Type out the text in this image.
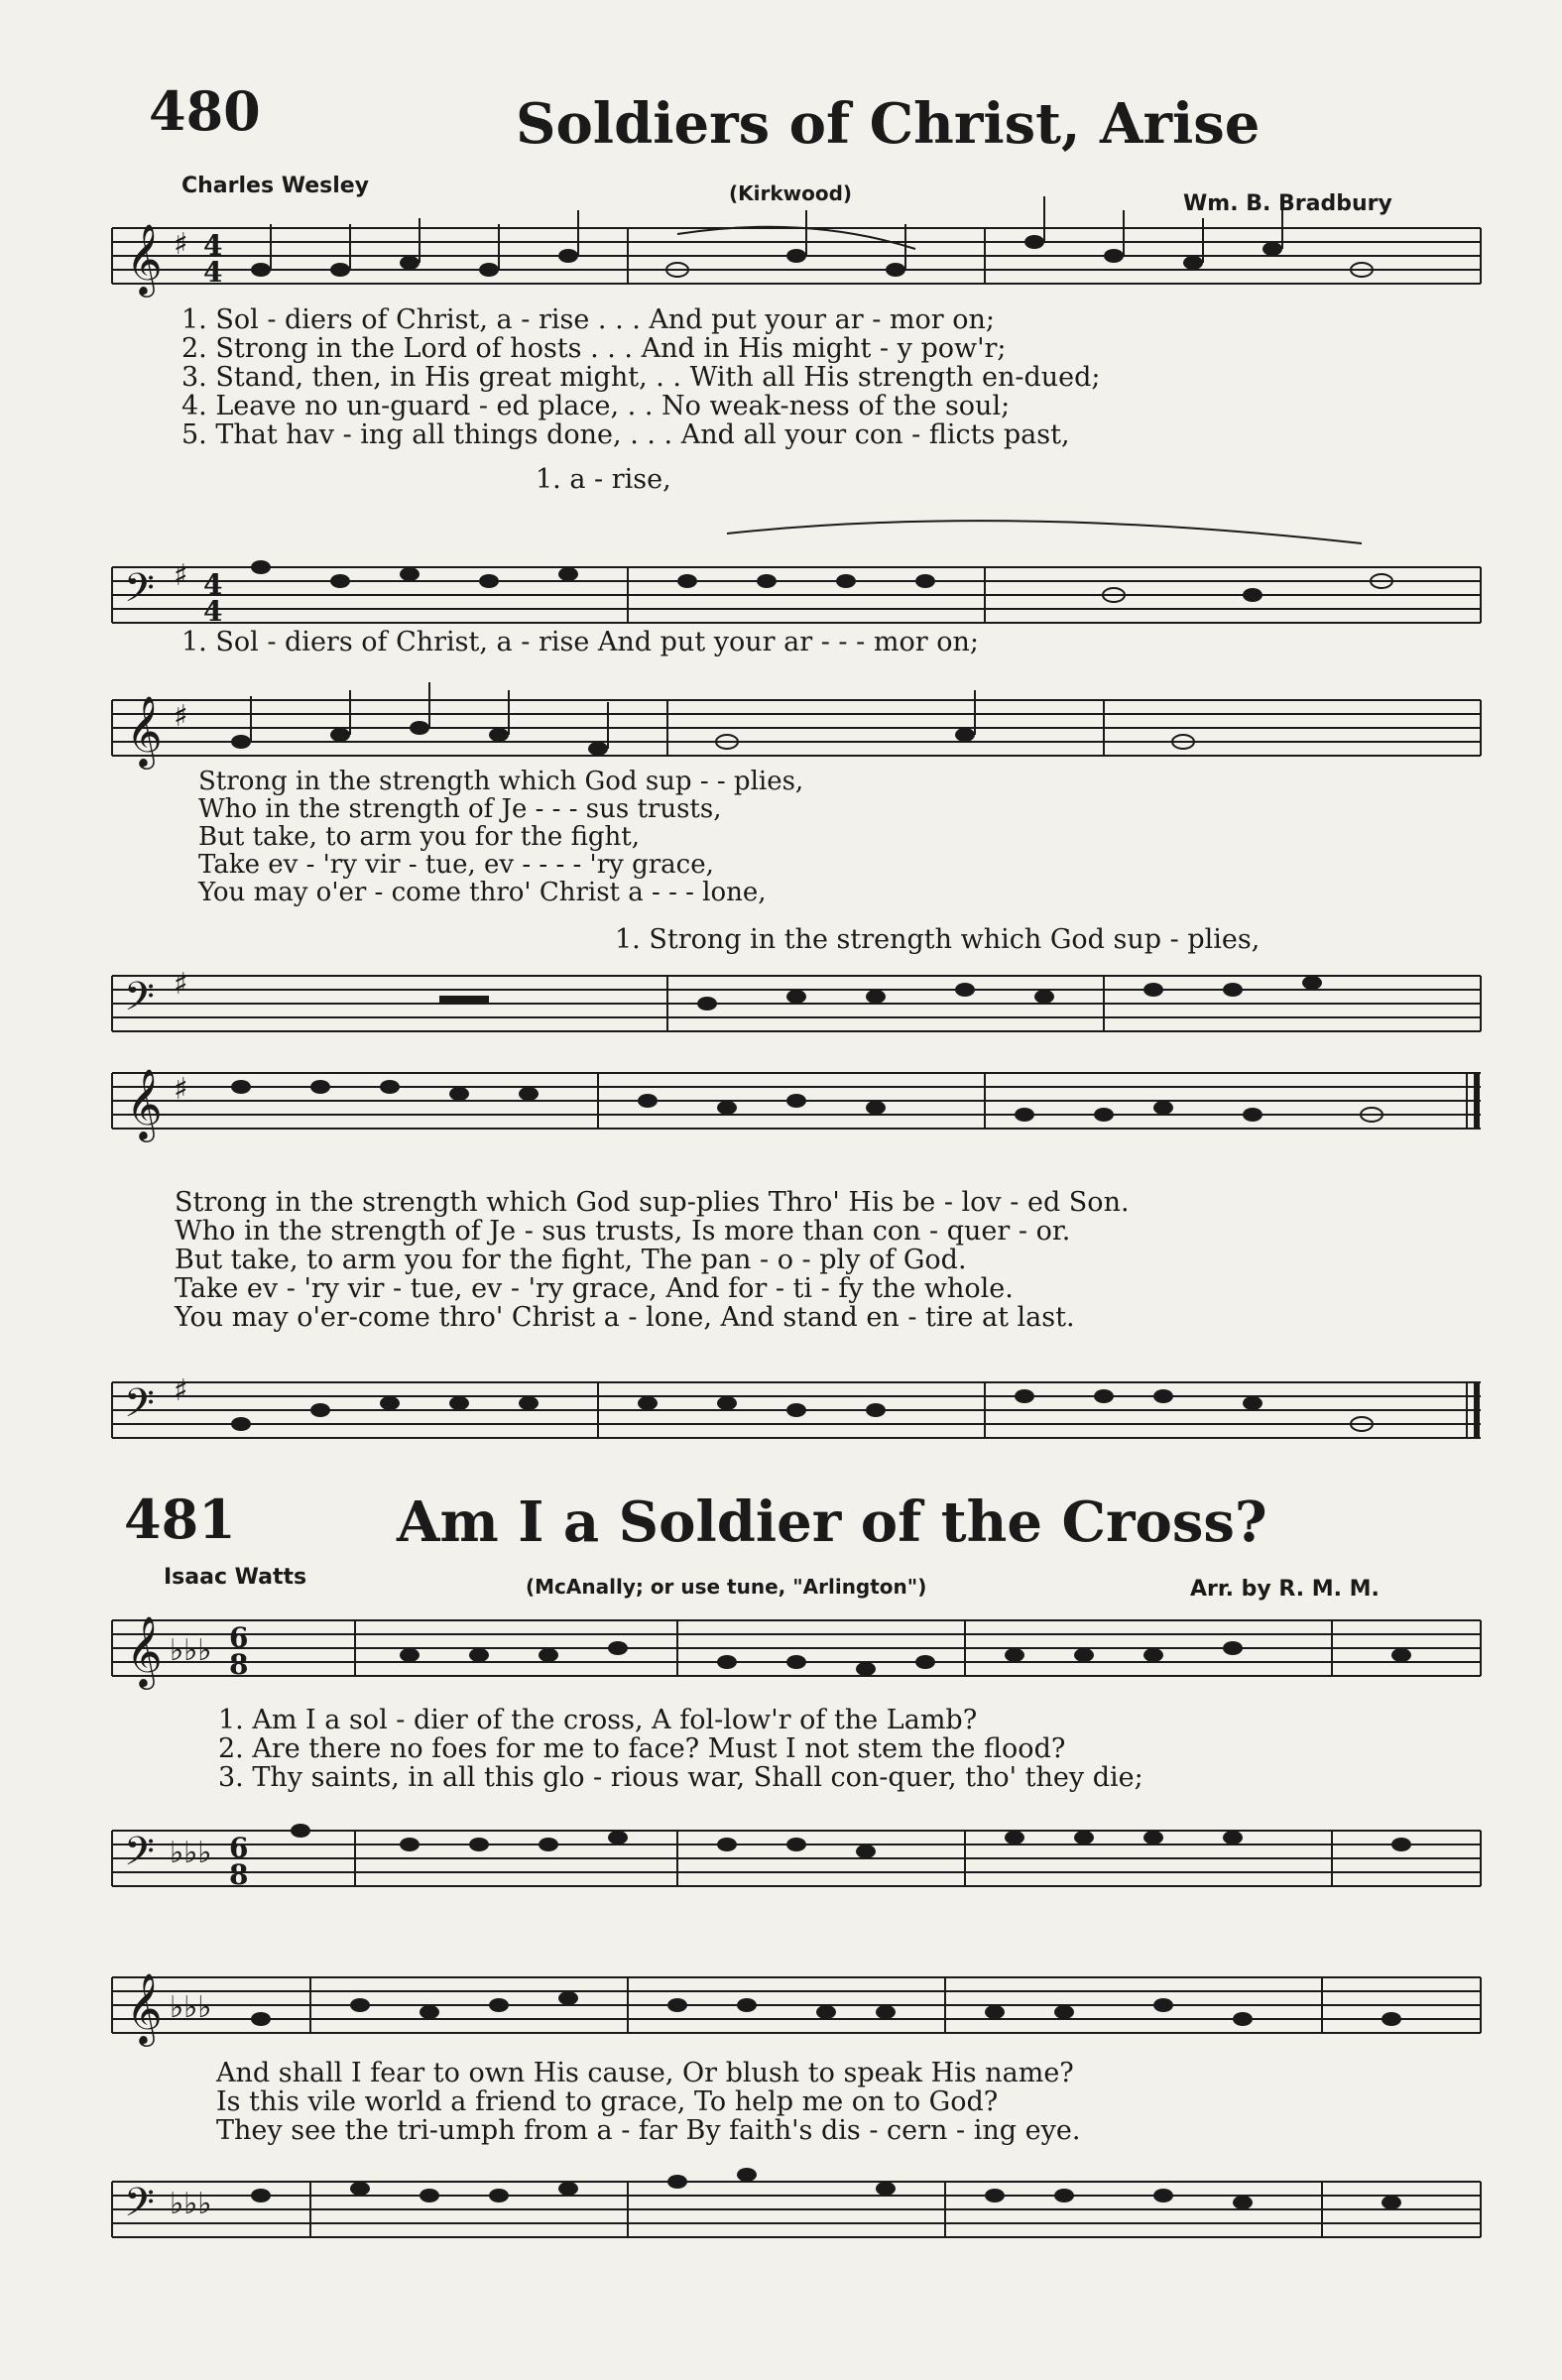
480	Soldiers of Christ, Arise
Charles Wesley	(Kirkwood)	Wm. B. Bradbury
𝄞 ♯ 4
4
1. Sol - diers of Christ, a - rise . . . And put your ar - mor on;
2. Strong in the Lord of hosts . . . And in His might - y pow'r;
3. Stand, then, in His great might, . . With all His strength en-dued;
4. Leave no un-guard - ed place, . . No weak-ness of the soul;
5. That hav - ing all things done, . . . And all your con - flicts past,
1. a - rise,
𝄢 ♯ 4
4
1. Sol - diers of Christ, a - rise And put your ar - - - mor on;
𝄞 ♯
Strong in the strength which God sup - - plies,
Who in the strength of Je - - - sus trusts,
But take, to arm you for the fight,
Take ev - 'ry vir - tue, ev - - - - 'ry grace,
You may o'er - come thro' Christ a - - - lone,
1. Strong in the strength which God sup - plies,
𝄢 ♯
𝄞 ♯
Strong in the strength which God sup-plies Thro' His be - lov - ed Son.
Who in the strength of Je - sus trusts, Is more than con - quer - or.
But take, to arm you for the fight, The pan - o - ply of God.
Take ev - 'ry vir - tue, ev - 'ry grace, And for - ti - fy the whole.
You may o'er-come thro' Christ a - lone, And stand en - tire at last.
𝄢 ♯
481	Am I a Soldier of the Cross?
Isaac Watts	(McAnally; or use tune, "Arlington")	Arr. by R. M. M.
𝄞 ♭♭♭ 6
8
1. Am I a sol - dier of the cross, A fol-low'r of the Lamb?
2. Are there no foes for me to face? Must I not stem the flood?
3. Thy saints, in all this glo - rious war, Shall con-quer, tho' they die;
𝄢 ♭♭♭ 6
8
𝄞 ♭♭♭
And shall I fear to own His cause, Or blush to speak His name?
Is this vile world a friend to grace, To help me on to God?
They see the tri-umph from a - far By faith's dis - cern - ing eye.
𝄢 ♭♭♭
